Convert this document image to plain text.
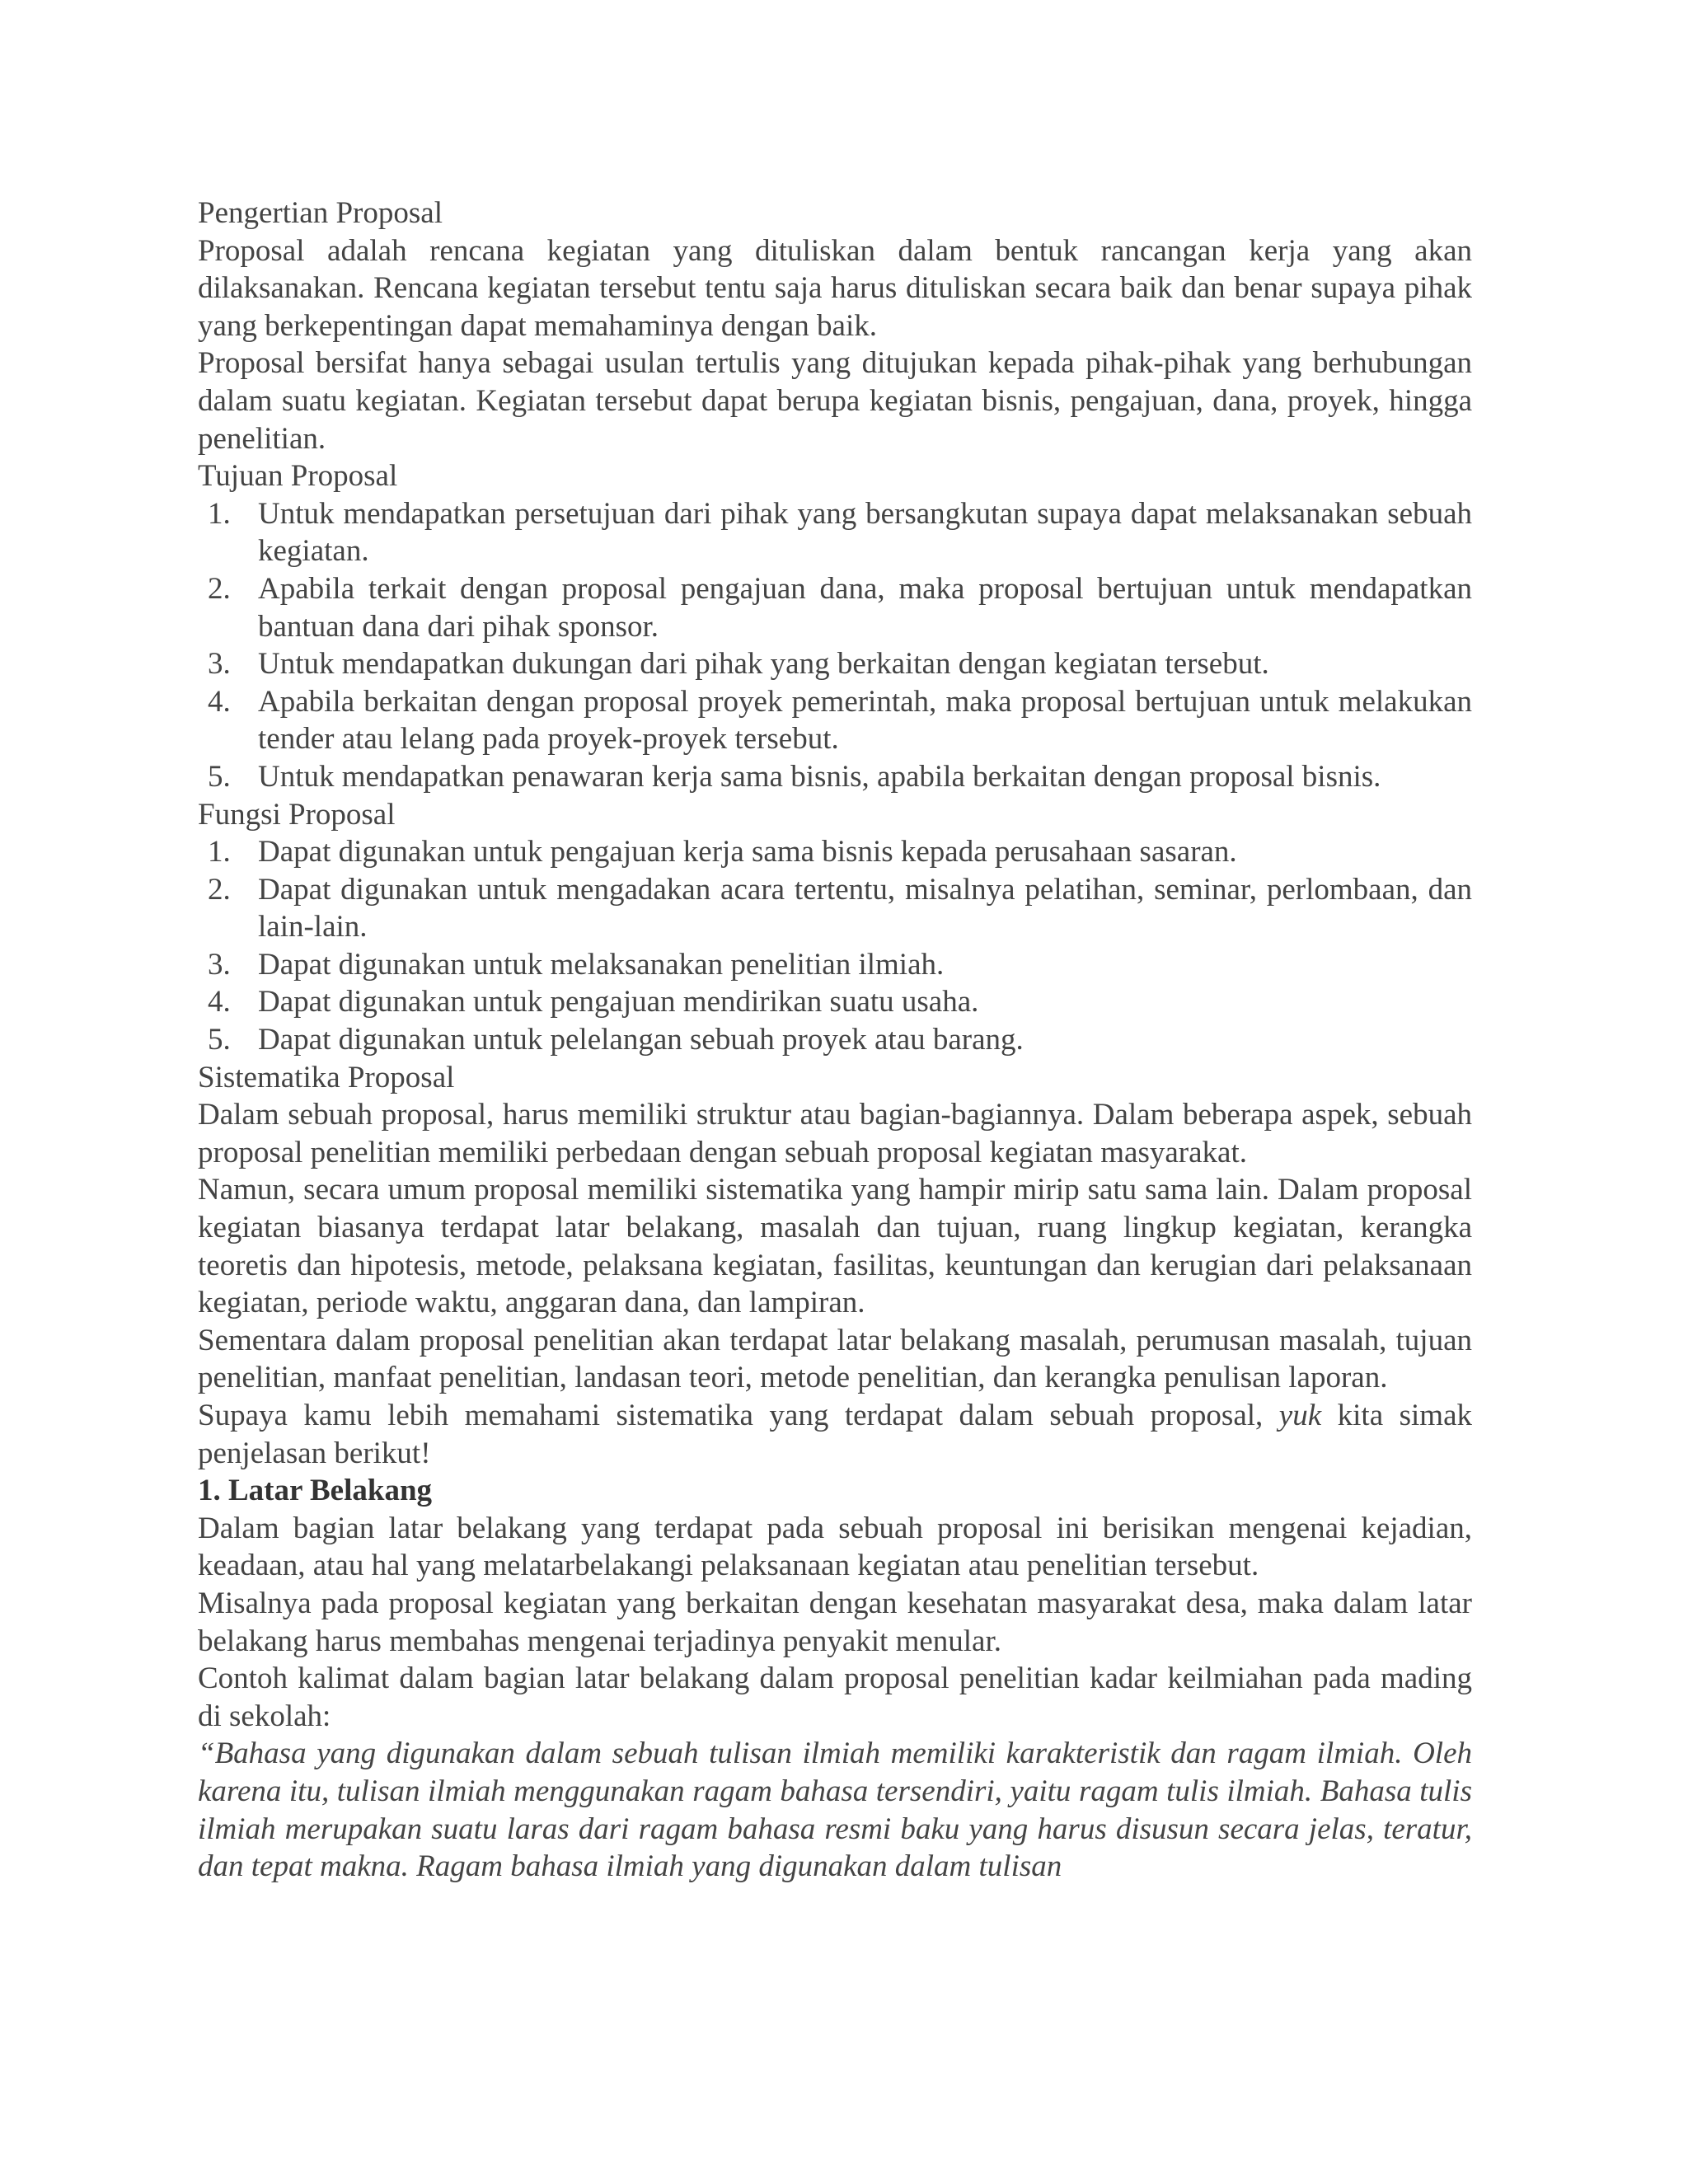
Pengertian Proposal

Proposal adalah rencana kegiatan yang dituliskan dalam bentuk rancangan kerja yang akan dilaksanakan. Rencana kegiatan tersebut tentu saja harus dituliskan secara baik dan benar supaya pihak yang berkepentingan dapat memahaminya dengan baik.

Proposal bersifat hanya sebagai usulan tertulis yang ditujukan kepada pihak-pihak yang berhubungan dalam suatu kegiatan. Kegiatan tersebut dapat berupa kegiatan bisnis, pengajuan, dana, proyek, hingga penelitian.

Tujuan Proposal
1. Untuk mendapatkan persetujuan dari pihak yang bersangkutan supaya dapat melaksanakan sebuah kegiatan.
2. Apabila terkait dengan proposal pengajuan dana, maka proposal bertujuan untuk mendapatkan bantuan dana dari pihak sponsor.
3. Untuk mendapatkan dukungan dari pihak yang berkaitan dengan kegiatan tersebut.
4. Apabila berkaitan dengan proposal proyek pemerintah, maka proposal bertujuan untuk melakukan tender atau lelang pada proyek-proyek tersebut.
5. Untuk mendapatkan penawaran kerja sama bisnis, apabila berkaitan dengan proposal bisnis.
Fungsi Proposal
1. Dapat digunakan untuk pengajuan kerja sama bisnis kepada perusahaan sasaran.
2. Dapat digunakan untuk mengadakan acara tertentu, misalnya pelatihan, seminar, perlombaan, dan lain-lain.
3. Dapat digunakan untuk melaksanakan penelitian ilmiah.
4. Dapat digunakan untuk pengajuan mendirikan suatu usaha.
5. Dapat digunakan untuk pelelangan sebuah proyek atau barang.
Sistematika Proposal

Dalam sebuah proposal, harus memiliki struktur atau bagian-bagiannya. Dalam beberapa aspek, sebuah proposal penelitian memiliki perbedaan dengan sebuah proposal kegiatan masyarakat.

Namun, secara umum proposal memiliki sistematika yang hampir mirip satu sama lain. Dalam proposal kegiatan biasanya terdapat latar belakang, masalah dan tujuan, ruang lingkup kegiatan, kerangka teoretis dan hipotesis, metode, pelaksana kegiatan, fasilitas, keuntungan dan kerugian dari pelaksanaan kegiatan, periode waktu, anggaran dana, dan lampiran.

Sementara dalam proposal penelitian akan terdapat latar belakang masalah, perumusan masalah, tujuan penelitian, manfaat penelitian, landasan teori, metode penelitian, dan kerangka penulisan laporan.

Supaya kamu lebih memahami sistematika yang terdapat dalam sebuah proposal, yuk kita simak penjelasan berikut!

1. Latar Belakang

Dalam bagian latar belakang yang terdapat pada sebuah proposal ini berisikan mengenai kejadian, keadaan, atau hal yang melatarbelakangi pelaksanaan kegiatan atau penelitian tersebut.

Misalnya pada proposal kegiatan yang berkaitan dengan kesehatan masyarakat desa, maka dalam latar belakang harus membahas mengenai terjadinya penyakit menular.

Contoh kalimat dalam bagian latar belakang dalam proposal penelitian kadar keilmiahan pada mading di sekolah:

“Bahasa yang digunakan dalam sebuah tulisan ilmiah memiliki karakteristik dan ragam ilmiah. Oleh karena itu, tulisan ilmiah menggunakan ragam bahasa tersendiri, yaitu ragam tulis ilmiah. Bahasa tulis ilmiah merupakan suatu laras dari ragam bahasa resmi baku yang harus disusun secara jelas, teratur, dan tepat makna. Ragam bahasa ilmiah yang digunakan dalam tulisan
